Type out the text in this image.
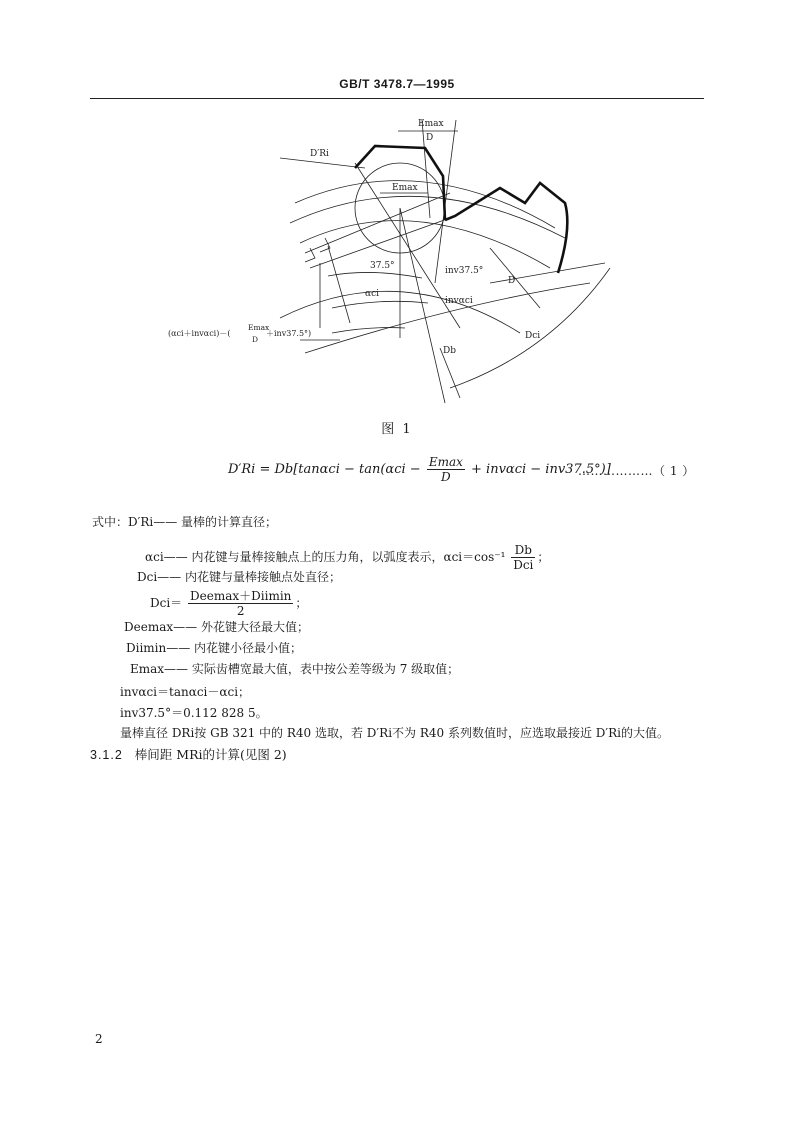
GB/T 3478.7—1995
D′Ri
Emax
D
Emax
37.5°
αci
inv37.5°
invαci
D
Db
Dci
(αci＋invαci)－(
Emax
D
＋inv37.5°)
图 1
$D'Ri = Db[\tan\alpha ci - \tan(\alpha ci - \frac{Emax}{D} + inv\alpha ci - inv37.5^\circ)]$
………………（ 1 ）
式中：D′Ri—— 量棒的计算直径；
αci—— 内花键与量棒接触点上的压力角，以弧度表示，$\alpha ci=\cos^{-1} \frac{Db}{\text{Dci}}$ ；
Dci—— 内花键与量棒接触点处直径；
$Dci= \frac{\text{Deemax＋Diimin}}{2}$ ；
Deemax—— 外花键大径最大值；
Diimin—— 内花键小径最小值；
Emax—— 实际齿槽宽最大值，表中按公差等级为 7 级取值；
invαci＝tanαci－αci；
inv37.5°＝0.112 828 5。
量棒直径 DRi按 GB 321 中的 R40 选取，若 D′Ri不为 R40 系列数值时，应选取最接近 D′Ri的大值。
3.1.2 棒间距 MRi的计算(见图 2)
2
